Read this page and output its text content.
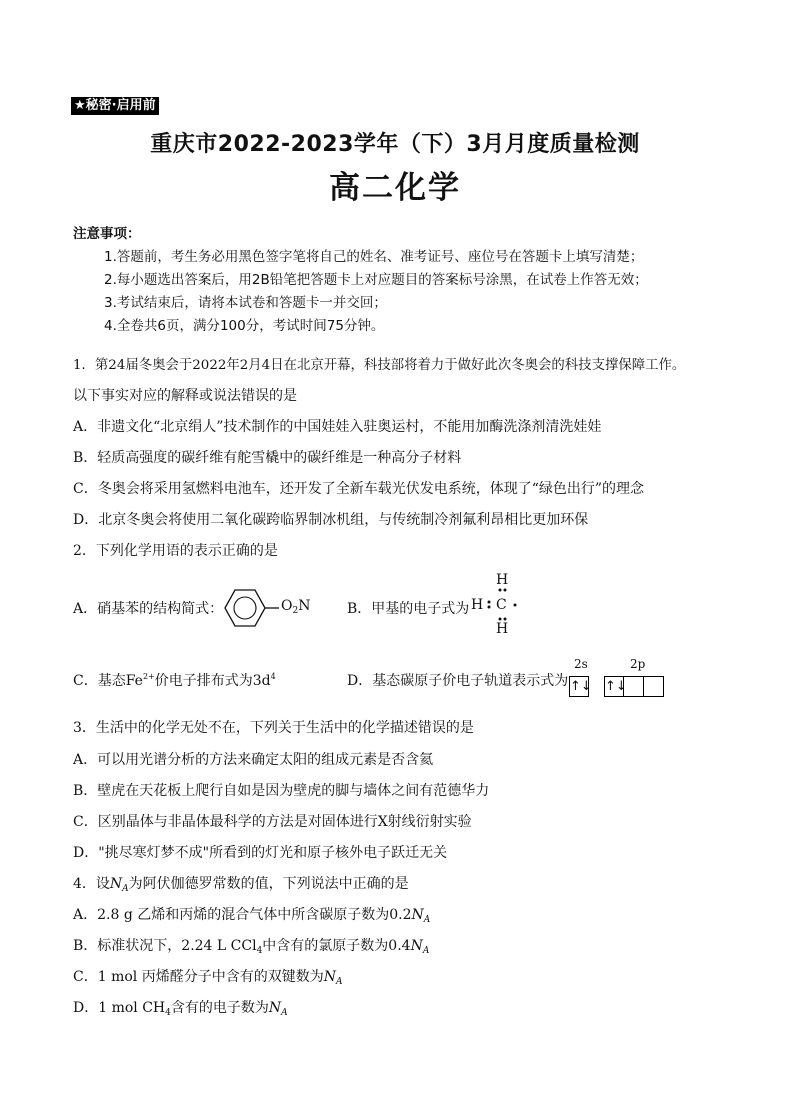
★秘密·启用前
重庆市2022-2023学年（下）3月月度质量检测
高二化学
注意事项：
1.答题前，考生务必用黑色签字笔将自己的姓名、准考证号、座位号在答题卡上填写清楚；
2.每小题选出答案后，用2B铅笔把答题卡上对应题目的答案标号涂黑，在试卷上作答无效；
3.考试结束后，请将本试卷和答题卡一并交回；
4.全卷共6页，满分100分，考试时间75分钟。
1．第24届冬奥会于2022年2月4日在北京开幕，科技部将着力于做好此次冬奥会的科技支撑保障工作。
以下事实对应的解释或说法错误的是
A．非遗文化“北京绢人”技术制作的中国娃娃入驻奥运村，不能用加酶洗涤剂清洗娃娃
B．轻质高强度的碳纤维有舵雪橇中的碳纤维是一种高分子材料
C．冬奥会将采用氢燃料电池车，还开发了全新车载光伏发电系统，体现了“绿色出行”的理念
D．北京冬奥会将使用二氧化碳跨临界制冰机组，与传统制冷剂氟利昂相比更加环保
2．下列化学用语的表示正确的是
A．硝基苯的结构简式：	$O_2N$	B．甲基的电子式为
H
H C
H
C．基态$Fe^{2+}$价电子排布式为$3d^4$	D．基态碳原子价电子轨道表示式为
2s	2p
↑↓ ↑↓
3．生活中的化学无处不在，下列关于生活中的化学描述错误的是
A．可以用光谱分析的方法来确定太阳的组成元素是否含氦
B．壁虎在天花板上爬行自如是因为壁虎的脚与墙体之间有范德华力
C．区别晶体与非晶体最科学的方法是对固体进行X射线衍射实验
D．"挑尽寒灯梦不成"所看到的灯光和原子核外电子跃迁无关
4．设$N_A$为阿伏伽德罗常数的值，下列说法中正确的是
A．2.8 g 乙烯和丙烯的混合气体中所含碳原子数为$0.2N_A$
B．标准状况下，2.24 L CCl$_4$中含有的氯原子数为$0.4N_A$
C．1 mol 丙烯醛分子中含有的双键数为$N_A$
D．1 mol $CH_4$含有的电子数为$N_A$
